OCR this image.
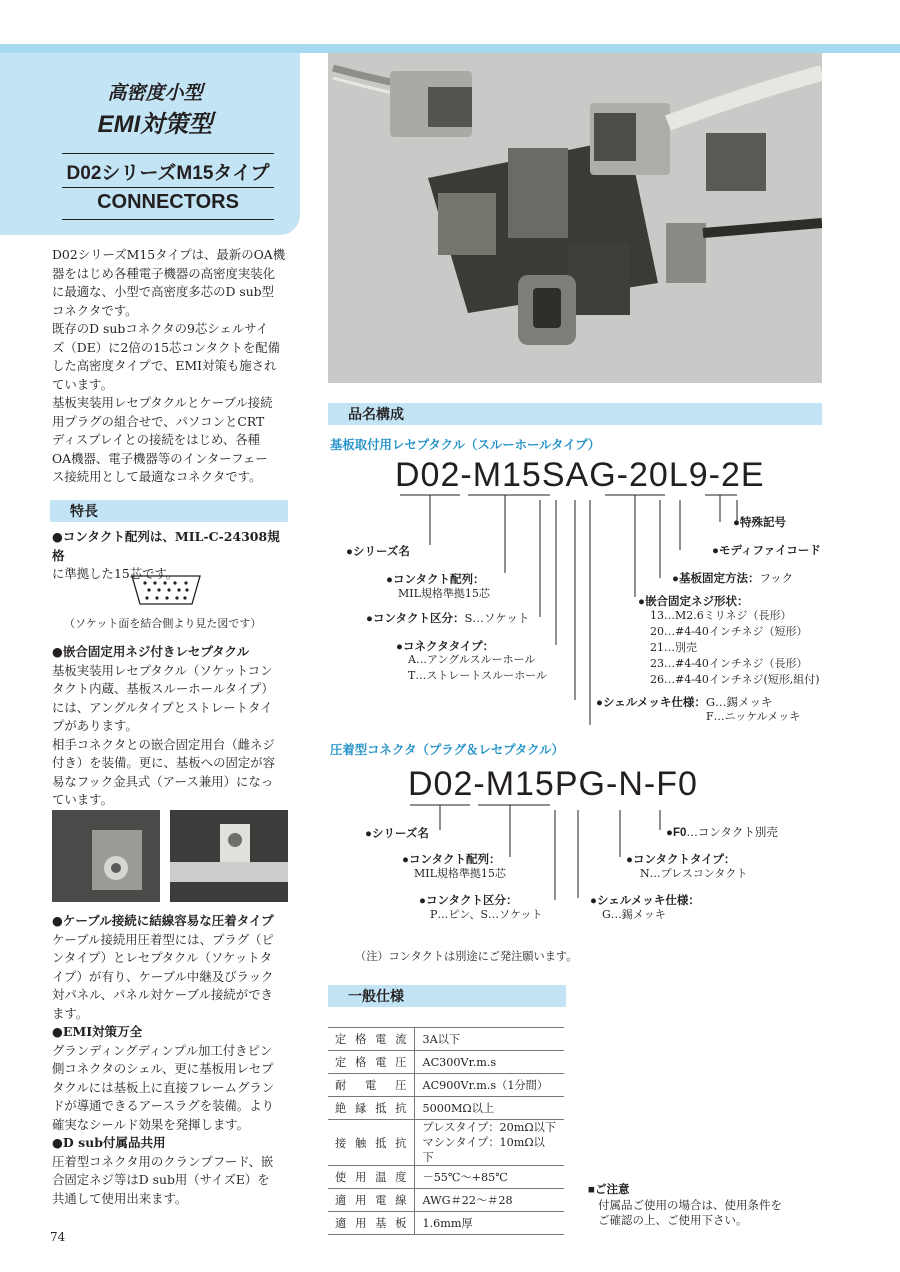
高密度小型
EMI対策型
D02シリーズM15タイプ
CONNECTORS
D02シリーズM15タイプは、最新のOA機
器をはじめ各種電子機器の高密度実装化
に最適な、小型で高密度多芯のD sub型
コネクタです。
既存のD subコネクタの9芯シェルサイ
ズ（DE）に2倍の15芯コンタクトを配備
した高密度タイプで、EMI対策も施され
ています。
基板実装用レセプタクルとケーブル接続
用プラグの組合せで、パソコンとCRT
ディスプレイとの接続をはじめ、各種
OA機器、電子機器等のインターフェー
ス接続用として最適なコネクタです。
特長
●コンタクト配列は、MIL-C-24308規格
に準拠した15芯です。
（ソケット面を結合側より見た図です）
●嵌合固定用ネジ付きレセプタクル
基板実装用レセプタクル（ソケットコン
タクト内蔵、基板スルーホールタイプ）
には、アングルタイプとストレートタイ
プがあります。
相手コネクタとの嵌合固定用台（雌ネジ
付き）を装備。更に、基板への固定が容
易なフック金具式（アース兼用）になっ
ています。
●ケーブル接続に結線容易な圧着タイプ
ケーブル接続用圧着型には、プラグ（ピ
ンタイプ）とレセプタクル（ソケットタ
イプ）が有り、ケーブル中継及びラック
対パネル、パネル対ケーブル接続ができ
ます。
●EMI対策万全
グランディングディンプル加工付きピン
側コネクタのシェル、更に基板用レセプ
タクルには基板上に直接フレームグラン
ドが導通できるアースラグを装備。より
確実なシールド効果を発揮します。
●D sub付属品共用
圧着型コネクタ用のクランプフード、嵌
合固定ネジ等はD sub用（サイズE）を
共通して使用出来ます。
74
品名構成
基板取付用レセプタクル（スルーホールタイプ）
D02 - M15 S A G - 20 L9 - 2 E
●特殊記号
●モディファイコード
●基板固定方法：フック
●シリーズ名
●コンタクト配列：
MIL規格準拠15芯
●コンタクト区分：S…ソケット
●コネクタタイプ：
A…アングルスルーホール
T…ストレートスルーホール
●嵌合固定ネジ形状：
13…M2.6ミリネジ（長形）
20…#4-40インチネジ（短形）
21…別売
23…#4-40インチネジ（長形）
26…#4-40インチネジ(短形,組付)
●シェルメッキ仕様：G…錫メッキ
F…ニッケルメッキ
圧着型コネクタ（プラグ＆レセプタクル）
D02 - M15 P G - N - F0
●シリーズ名
●コンタクト配列：
MIL規格準拠15芯
●コンタクト区分：
P…ピン、S…ソケット
●F0…コンタクト別売
●コンタクトタイプ：
N…プレスコンタクト
●シェルメッキ仕様：
G…錫メッキ
（注）コンタクトは別途にご発注願います。
一般仕様
定格電流	3A以下
定格電圧	AC300Vr.m.s
耐電圧	AC900Vr.m.s（1分間）
絶縁抵抗	5000MΩ以上
接触抵抗	プレスタイプ：20mΩ以下
マシンタイプ：10mΩ以下

使用温度	－55℃～+85℃
適用電線	AWG＃22～＃28
適用基板	1.6mm厚
■ご注意
付属品ご使用の場合は、使用条件を
ご確認の上、ご使用下さい。
